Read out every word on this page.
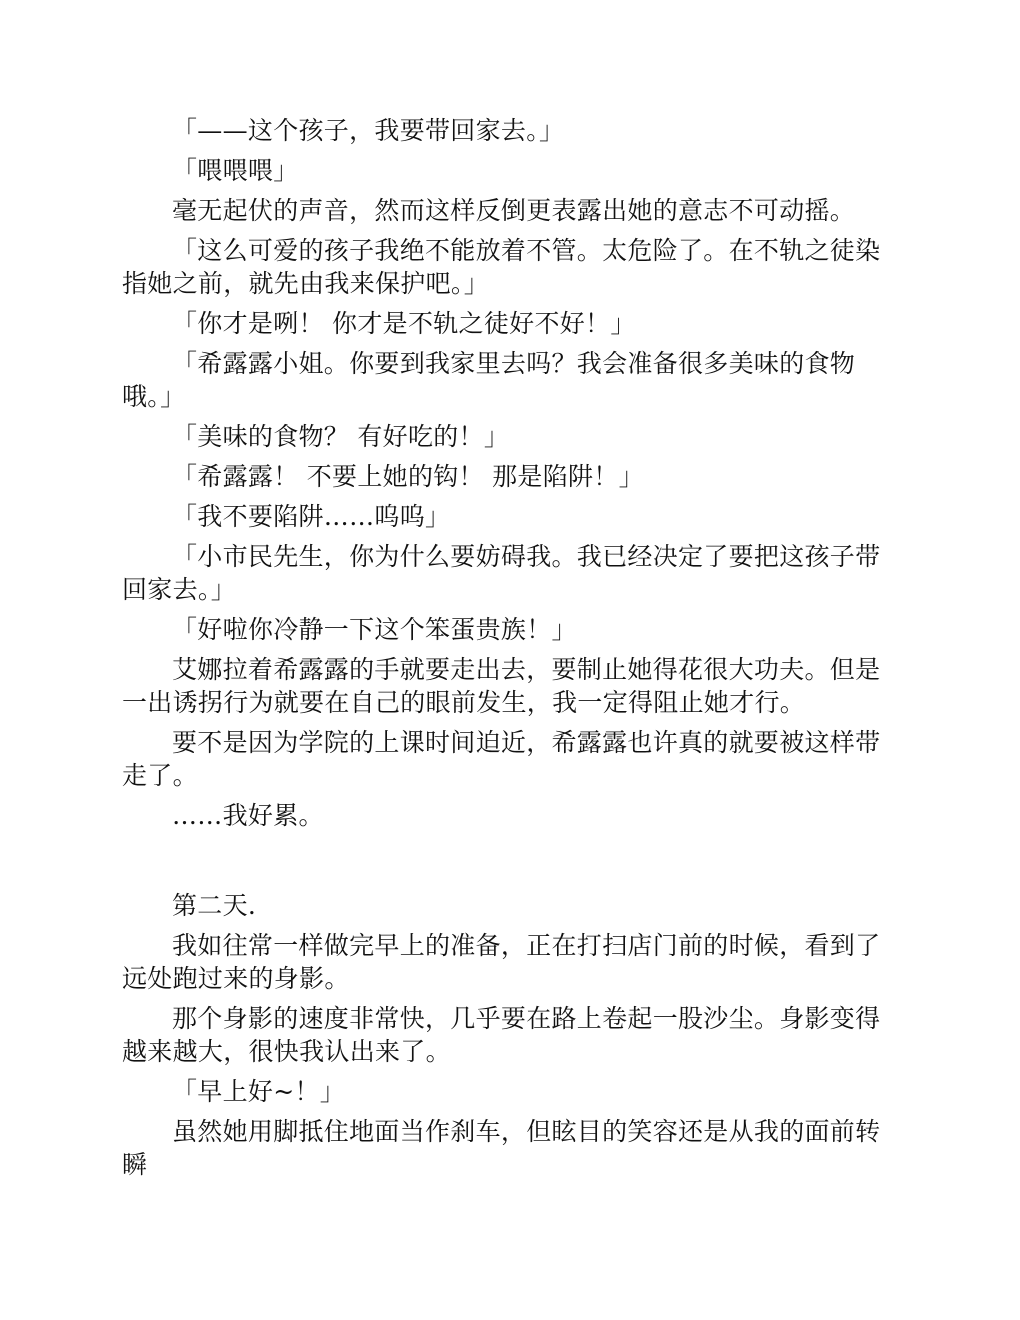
「——这个孩子，我要带回家去。」

「喂喂喂」

毫无起伏的声音，然而这样反倒更表露出她的意志不可动摇。

「这么可爱的孩子我绝不能放着不管。太危险了。在不轨之徒染指她之前，就先由我来保护吧。」

「你才是咧！ 你才是不轨之徒好不好！」

「希露露小姐。你要到我家里去吗？我会准备很多美味的食物哦。」

「美味的食物？ 有好吃的！」

「希露露！ 不要上她的钩！ 那是陷阱！」

「我不要陷阱……呜呜」

「小市民先生，你为什么要妨碍我。我已经决定了要把这孩子带回家去。」

「好啦你冷静一下这个笨蛋贵族！」

艾娜拉着希露露的手就要走出去，要制止她得花很大功夫。但是一出诱拐行为就要在自己的眼前发生，我一定得阻止她才行。

要不是因为学院的上课时间迫近，希露露也许真的就要被这样带走了。

……我好累。

第二天.

我如往常一样做完早上的准备，正在打扫店门前的时候，看到了远处跑过来的身影。

那个身影的速度非常快，几乎要在路上卷起一股沙尘。身影变得越来越大，很快我认出来了。

「早上好~！」

虽然她用脚抵住地面当作刹车，但眩目的笑容还是从我的面前转瞬
